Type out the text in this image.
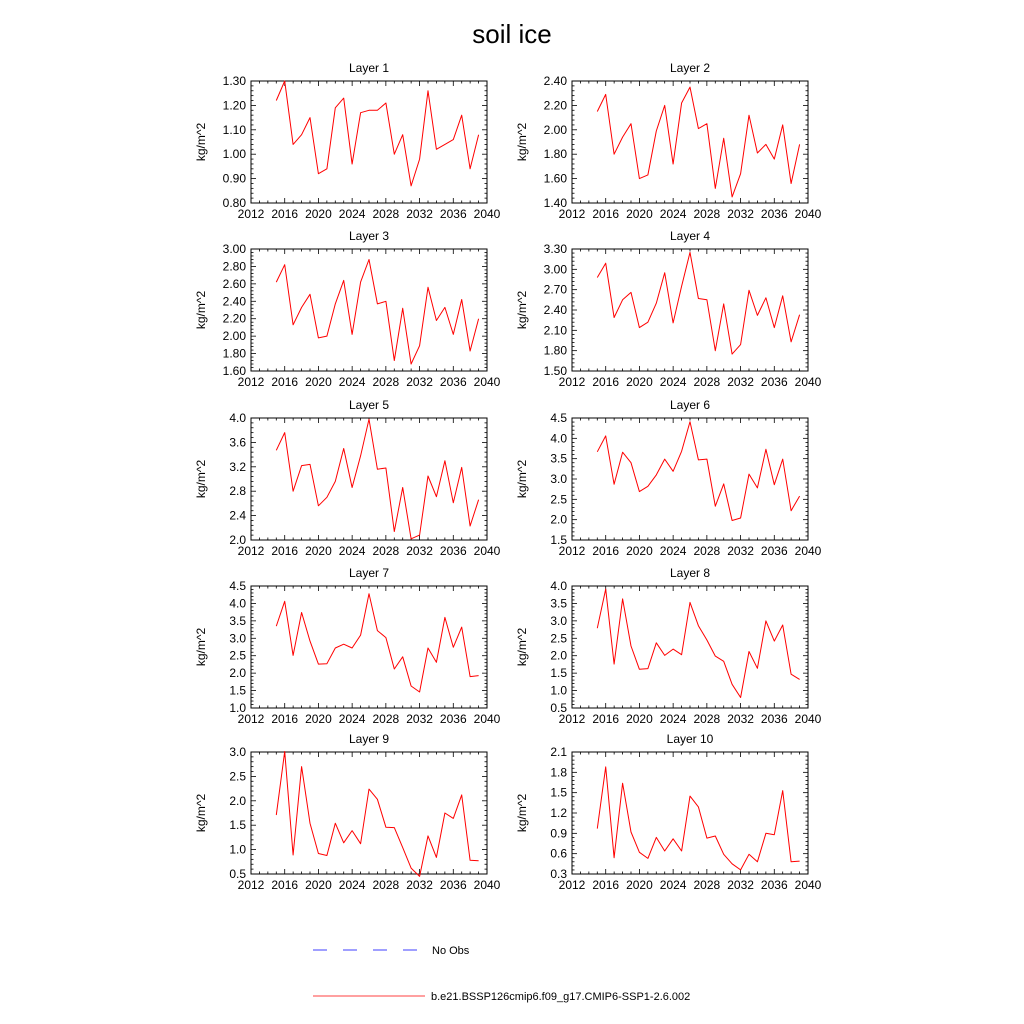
soil ice
Layer 1
2012 2016 2020 2024 2028 2032 2036 2040
0.80
0.90
1.00
1.10
1.20
1.30
kg/m^2
Layer 2
2012 2016 2020 2024 2028 2032 2036 2040
1.40
1.60
1.80
2.00
2.20
2.40
kg/m^2
Layer 3
2012 2016 2020 2024 2028 2032 2036 2040
1.60
1.80
2.00
2.20
2.40
2.60
2.80
3.00
kg/m^2
Layer 4
2012 2016 2020 2024 2028 2032 2036 2040
1.50
1.80
2.10
2.40
2.70
3.00
3.30
kg/m^2
Layer 5
2012 2016 2020 2024 2028 2032 2036 2040
2.0
2.4
2.8
3.2
3.6
4.0
kg/m^2
Layer 6
2012 2016 2020 2024 2028 2032 2036 2040
1.5
2.0
2.5
3.0
3.5
4.0
4.5
kg/m^2
Layer 7
2012 2016 2020 2024 2028 2032 2036 2040
1.0
1.5
2.0
2.5
3.0
3.5
4.0
4.5
kg/m^2
Layer 8
2012 2016 2020 2024 2028 2032 2036 2040
0.5
1.0
1.5
2.0
2.5
3.0
3.5
4.0
kg/m^2
Layer 9
2012 2016 2020 2024 2028 2032 2036 2040
0.5
1.0
1.5
2.0
2.5
3.0
kg/m^2
Layer 10
2012 2016 2020 2024 2028 2032 2036 2040
0.3
0.6
0.9
1.2
1.5
1.8
2.1
kg/m^2
No Obs
b.e21.BSSP126cmip6.f09_g17.CMIP6-SSP1-2.6.002
